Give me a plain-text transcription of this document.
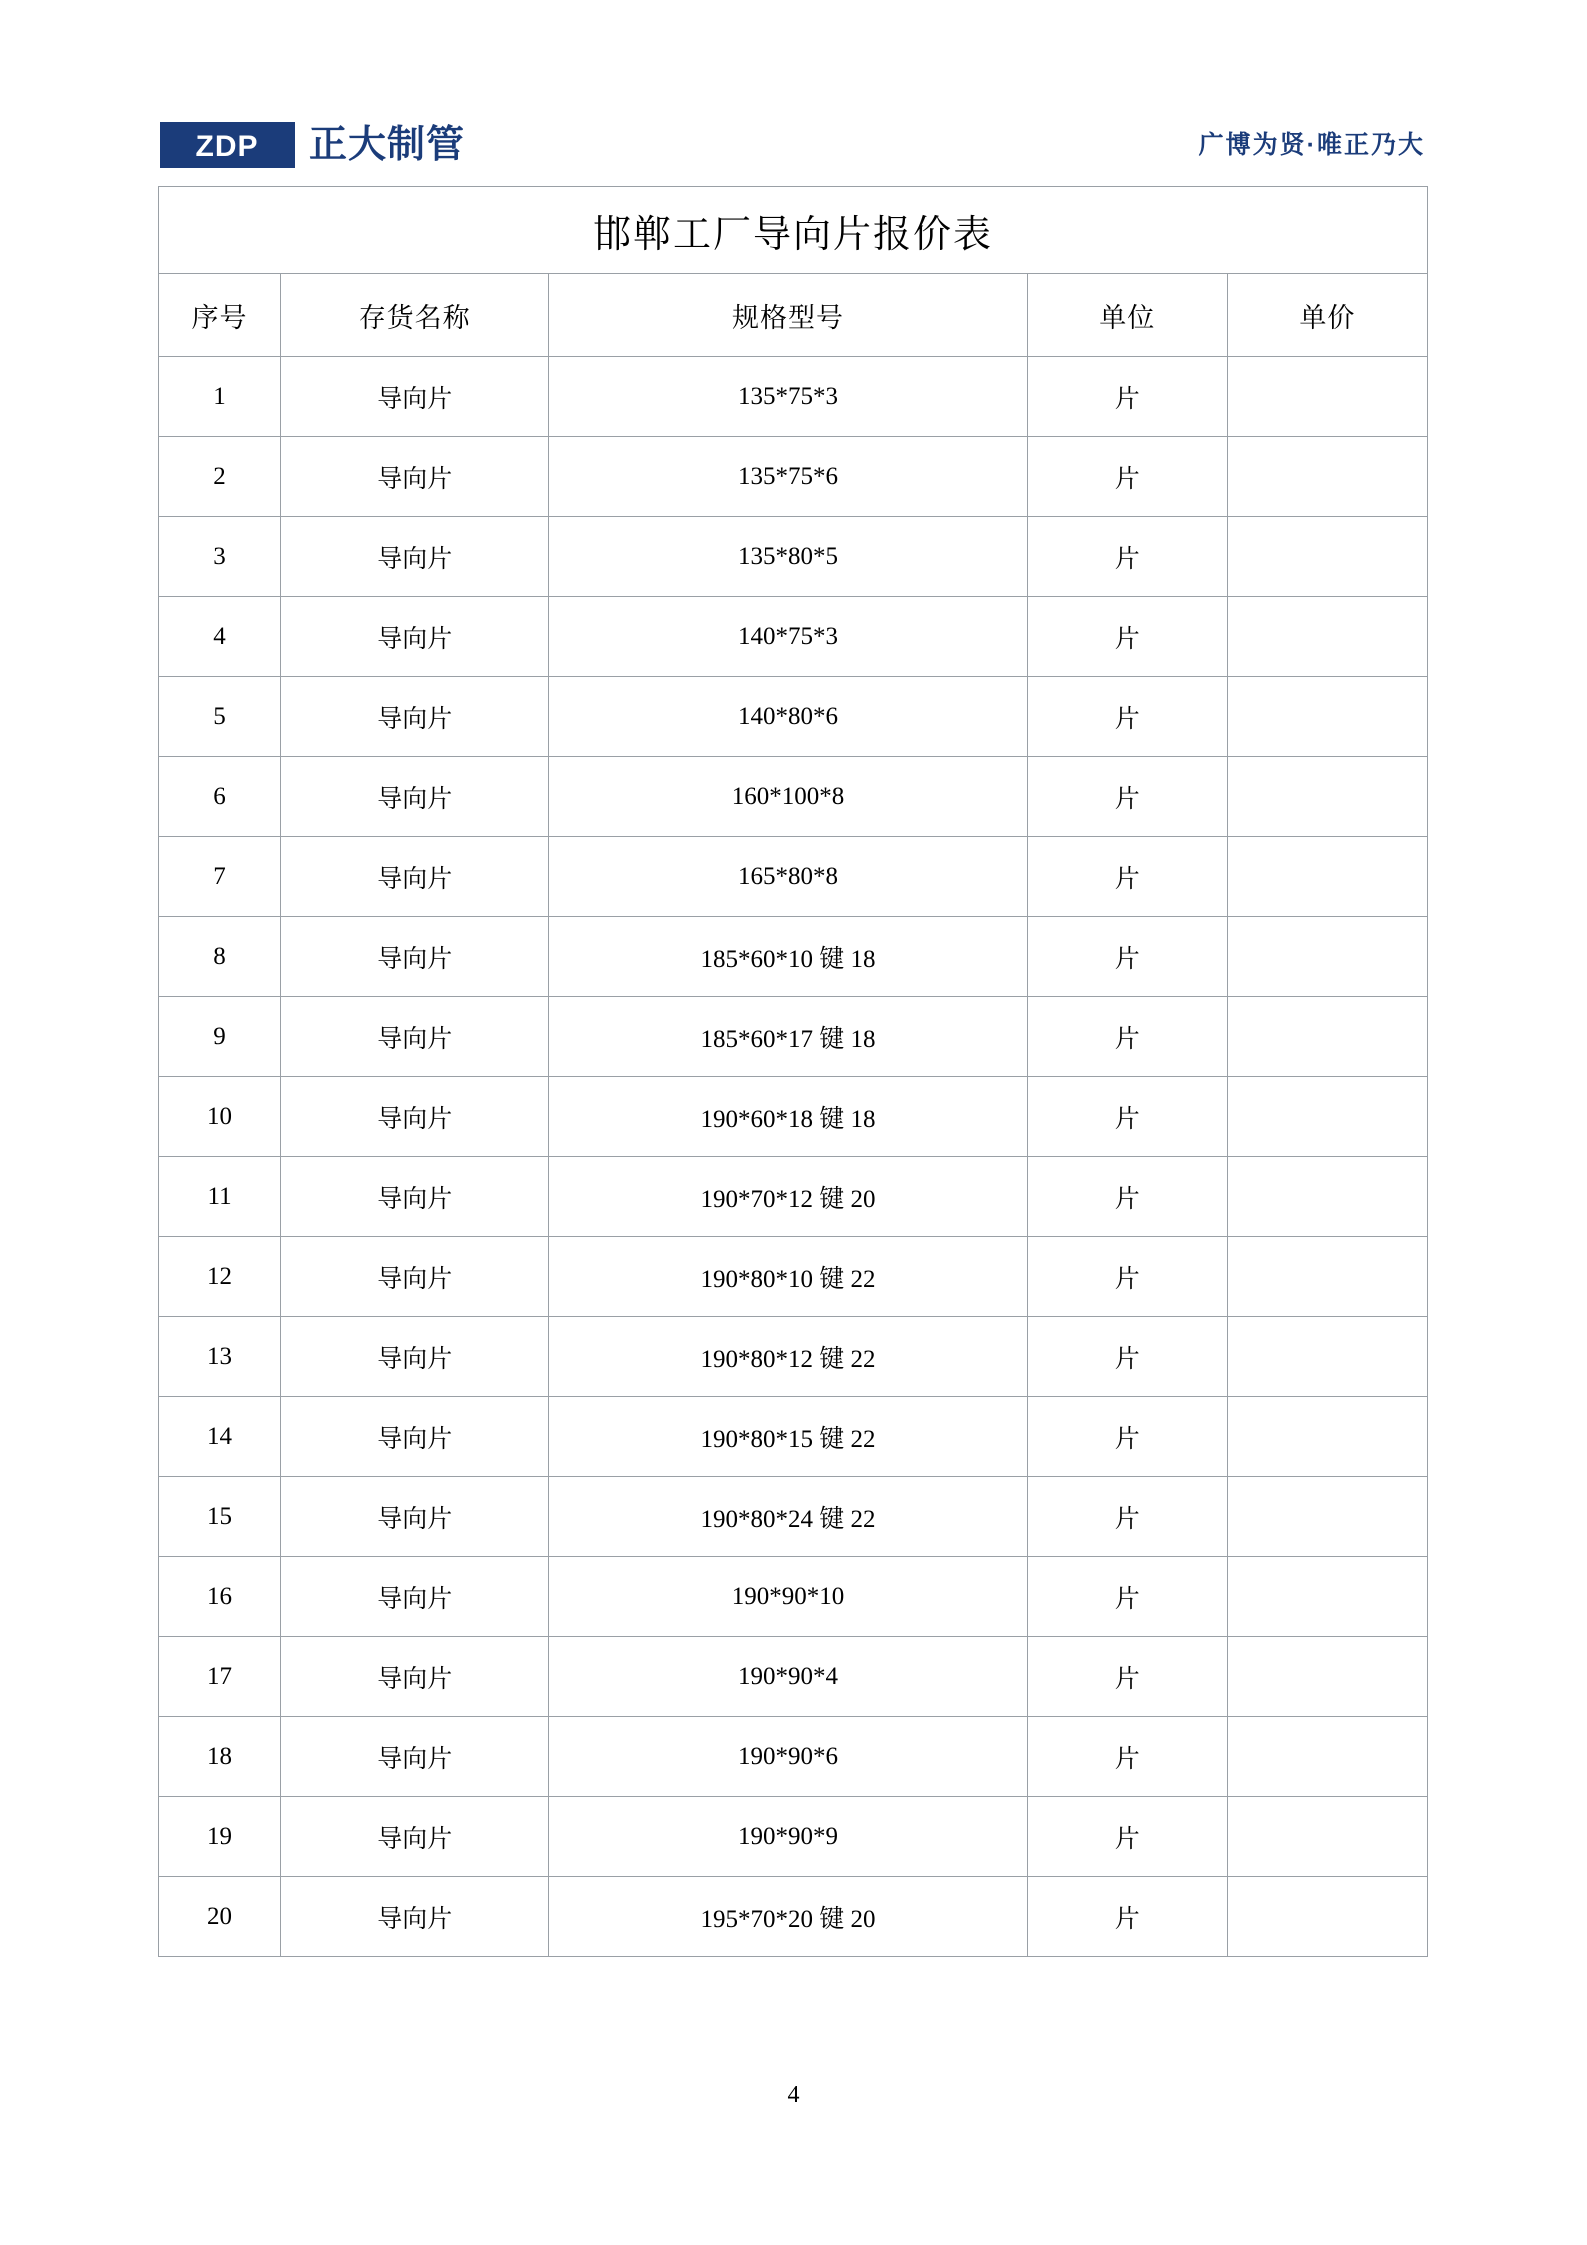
ZDP 正大制管	广博为贤·唯正乃大
邯郸工厂导向片报价表				
序号	存货名称	规格型号	单位	单价
1	导向片	135*75*3	片	
2	导向片	135*75*6	片	
3	导向片	135*80*5	片	
4	导向片	140*75*3	片	
5	导向片	140*80*6	片	
6	导向片	160*100*8	片	
7	导向片	165*80*8	片	
8	导向片	185*60*10 键 18	片	
9	导向片	185*60*17 键 18	片	
10	导向片	190*60*18 键 18	片	
11	导向片	190*70*12 键 20	片	
12	导向片	190*80*10 键 22	片	
13	导向片	190*80*12 键 22	片	
14	导向片	190*80*15 键 22	片	
15	导向片	190*80*24 键 22	片	
16	导向片	190*90*10	片	
17	导向片	190*90*4	片	
18	导向片	190*90*6	片	
19	导向片	190*90*9	片	
20	导向片	195*70*20 键 20	片	
4
